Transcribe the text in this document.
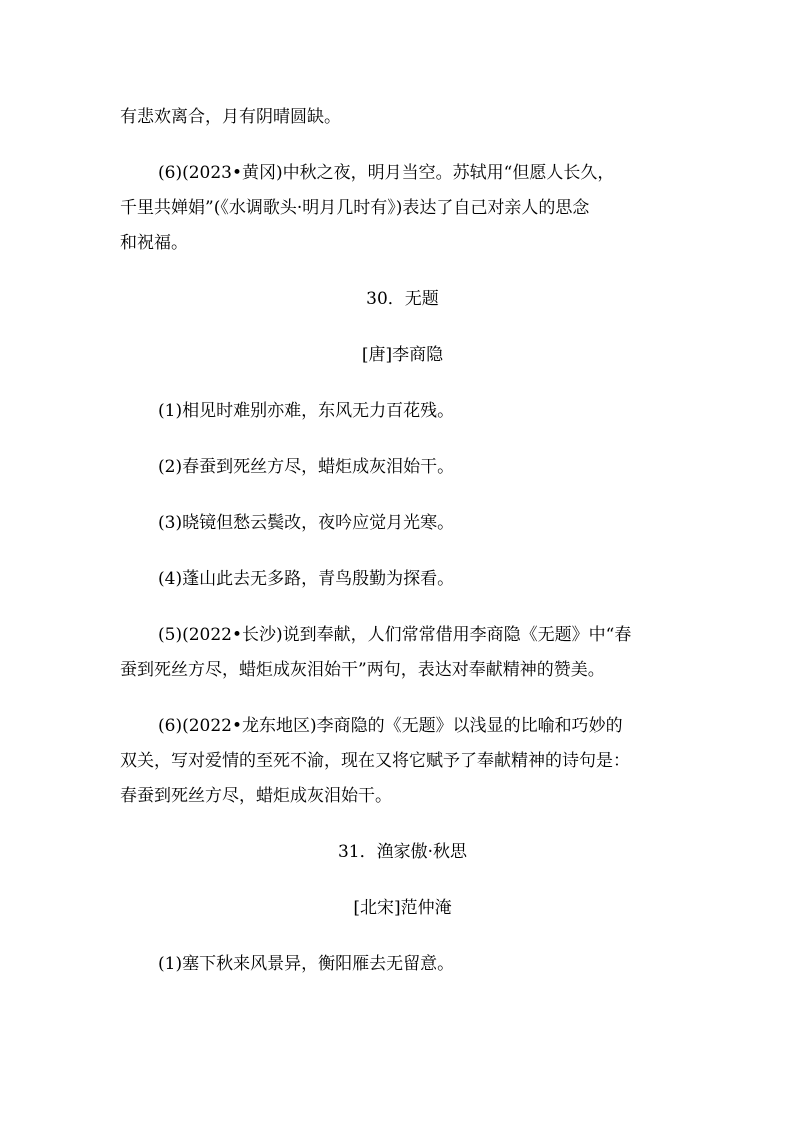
有悲欢离合，月有阴晴圆缺。
(6)(2023•黄冈)中秋之夜，明月当空。苏轼用“但愿人长久，
千里共婵娟”(《水调歌头·明月几时有》)表达了自己对亲人的思念
和祝福。
30．无题
[唐]李商隐
(1)相见时难别亦难，东风无力百花残。
(2)春蚕到死丝方尽，蜡炬成灰泪始干。
(3)晓镜但愁云鬓改，夜吟应觉月光寒。
(4)蓬山此去无多路，青鸟殷勤为探看。
(5)(2022•长沙)说到奉献，人们常常借用李商隐《无题》中“春
蚕到死丝方尽，蜡炬成灰泪始干”两句，表达对奉献精神的赞美。
(6)(2022•龙东地区)李商隐的《无题》以浅显的比喻和巧妙的
双关，写对爱情的至死不渝，现在又将它赋予了奉献精神的诗句是：
春蚕到死丝方尽，蜡炬成灰泪始干。
31．渔家傲·秋思
[北宋]范仲淹
(1)塞下秋来风景异，衡阳雁去无留意。
